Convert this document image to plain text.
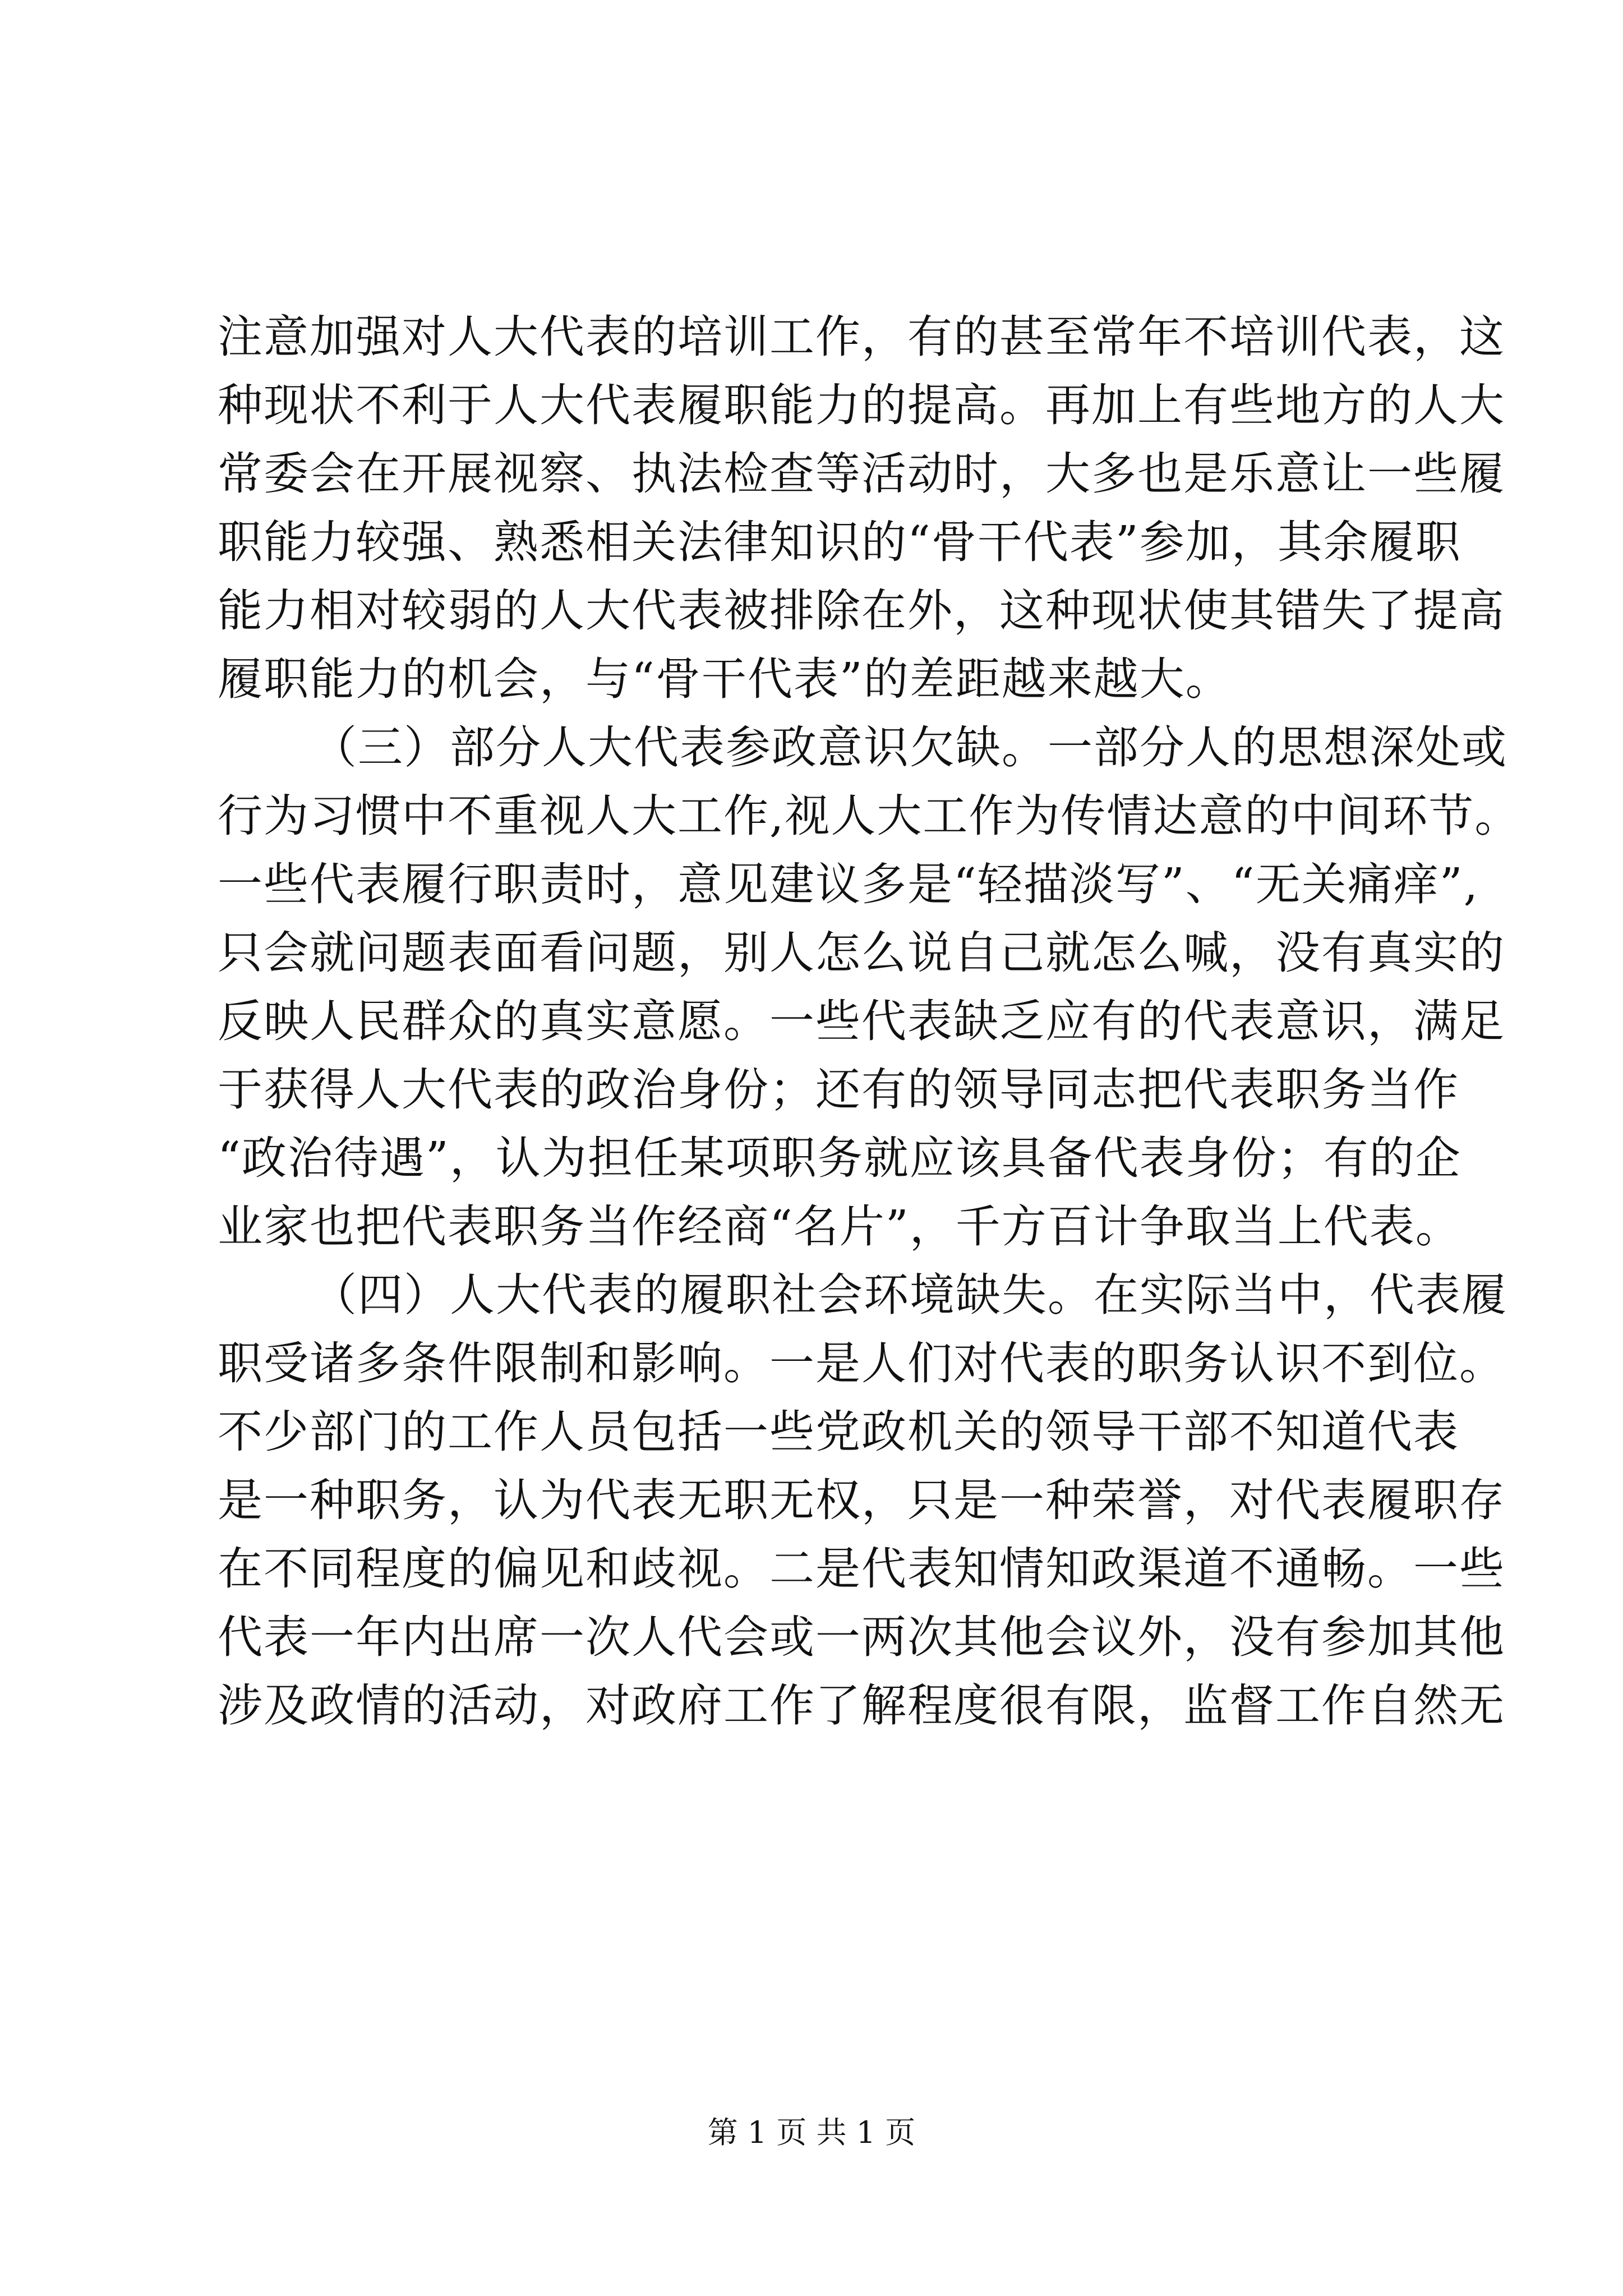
注意加强对人大代表的培训工作，有的甚至常年不培训代表，这
种现状不利于人大代表履职能力的提高。再加上有些地方的人大
常委会在开展视察、执法检查等活动时，大多也是乐意让一些履
职能力较强、熟悉相关法律知识的“骨干代表”参加，其余履职
能力相对较弱的人大代表被排除在外，这种现状使其错失了提高
履职能力的机会，与“骨干代表”的差距越来越大。
（三）部分人大代表参政意识欠缺。一部分人的思想深处或
行为习惯中不重视人大工作,视人大工作为传情达意的中间环节。
一些代表履行职责时，意见建议多是“轻描淡写”、“无关痛痒”,
只会就问题表面看问题，别人怎么说自己就怎么喊，没有真实的
反映人民群众的真实意愿。一些代表缺乏应有的代表意识，满足
于获得人大代表的政治身份；还有的领导同志把代表职务当作
“政治待遇”，认为担任某项职务就应该具备代表身份；有的企
业家也把代表职务当作经商“名片”，千方百计争取当上代表。
（四）人大代表的履职社会环境缺失。在实际当中，代表履
职受诸多条件限制和影响。一是人们对代表的职务认识不到位。
不少部门的工作人员包括一些党政机关的领导干部不知道代表
是一种职务，认为代表无职无权，只是一种荣誉，对代表履职存
在不同程度的偏见和歧视。二是代表知情知政渠道不通畅。一些
代表一年内出席一次人代会或一两次其他会议外，没有参加其他
涉及政情的活动，对政府工作了解程度很有限，监督工作自然无
第 1 页 共 1 页
